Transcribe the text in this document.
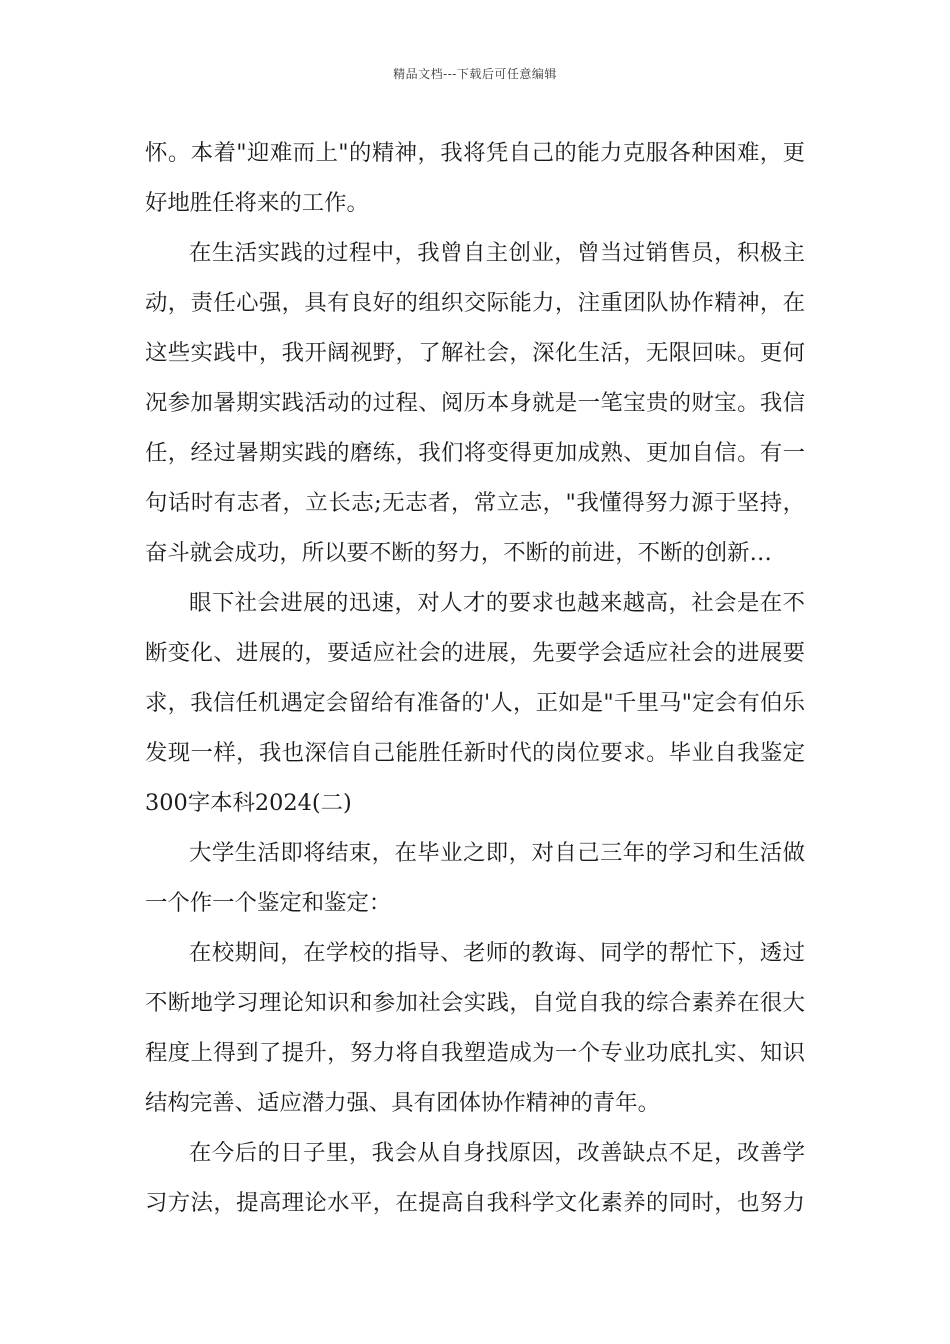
精品文档---下载后可任意编辑
怀。本着"迎难而上"的精神，我将凭自己的能力克服各种困难，更
好地胜任将来的工作。
在生活实践的过程中，我曾自主创业，曾当过销售员，积极主
动，责任心强，具有良好的组织交际能力，注重团队协作精神，在
这些实践中，我开阔视野，了解社会，深化生活，无限回味。更何
况参加暑期实践活动的过程、阅历本身就是一笔宝贵的财宝。我信
任，经过暑期实践的磨练，我们将变得更加成熟、更加自信。有一
句话时有志者，立长志;无志者，常立志，"我懂得努力源于坚持，
奋斗就会成功，所以要不断的努力，不断的前进，不断的创新…
眼下社会进展的迅速，对人才的要求也越来越高，社会是在不
断变化、进展的，要适应社会的进展，先要学会适应社会的进展要
求，我信任机遇定会留给有准备的'人，正如是"千里马"定会有伯乐
发现一样，我也深信自己能胜任新时代的岗位要求。毕业自我鉴定
300字本科2024(二)
大学生活即将结束，在毕业之即，对自己三年的学习和生活做
一个作一个鉴定和鉴定：
在校期间，在学校的指导、老师的教诲、同学的帮忙下，透过
不断地学习理论知识和参加社会实践，自觉自我的综合素养在很大
程度上得到了提升，努力将自我塑造成为一个专业功底扎实、知识
结构完善、适应潜力强、具有团体协作精神的青年。
在今后的日子里，我会从自身找原因，改善缺点不足，改善学
习方法，提高理论水平，在提高自我科学文化素养的同时，也努力
